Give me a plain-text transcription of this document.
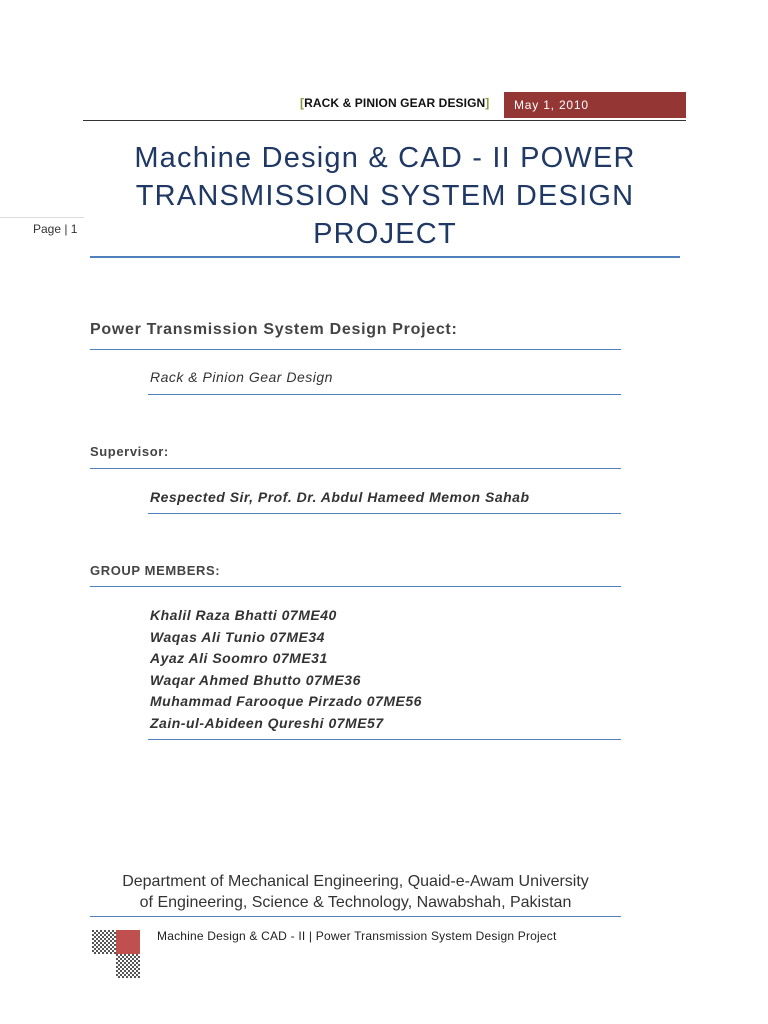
[RACK & PINION GEAR DESIGN]	May 1, 2010
Page | 1
Machine Design & CAD - II POWER
TRANSMISSION SYSTEM DESIGN
PROJECT
Power Transmission System Design Project:
Rack & Pinion Gear Design
Supervisor:
Respected Sir, Prof. Dr. Abdul Hameed Memon Sahab
GROUP MEMBERS:
Khalil Raza Bhatti 07ME40
Waqas Ali Tunio 07ME34
Ayaz Ali Soomro 07ME31
Waqar Ahmed Bhutto 07ME36
Muhammad Farooque Pirzado 07ME56
Zain-ul-Abideen Qureshi 07ME57
Department of Mechanical Engineering, Quaid-e-Awam University
of Engineering, Science & Technology, Nawabshah, Pakistan
Machine Design & CAD - II | Power Transmission System Design Project
